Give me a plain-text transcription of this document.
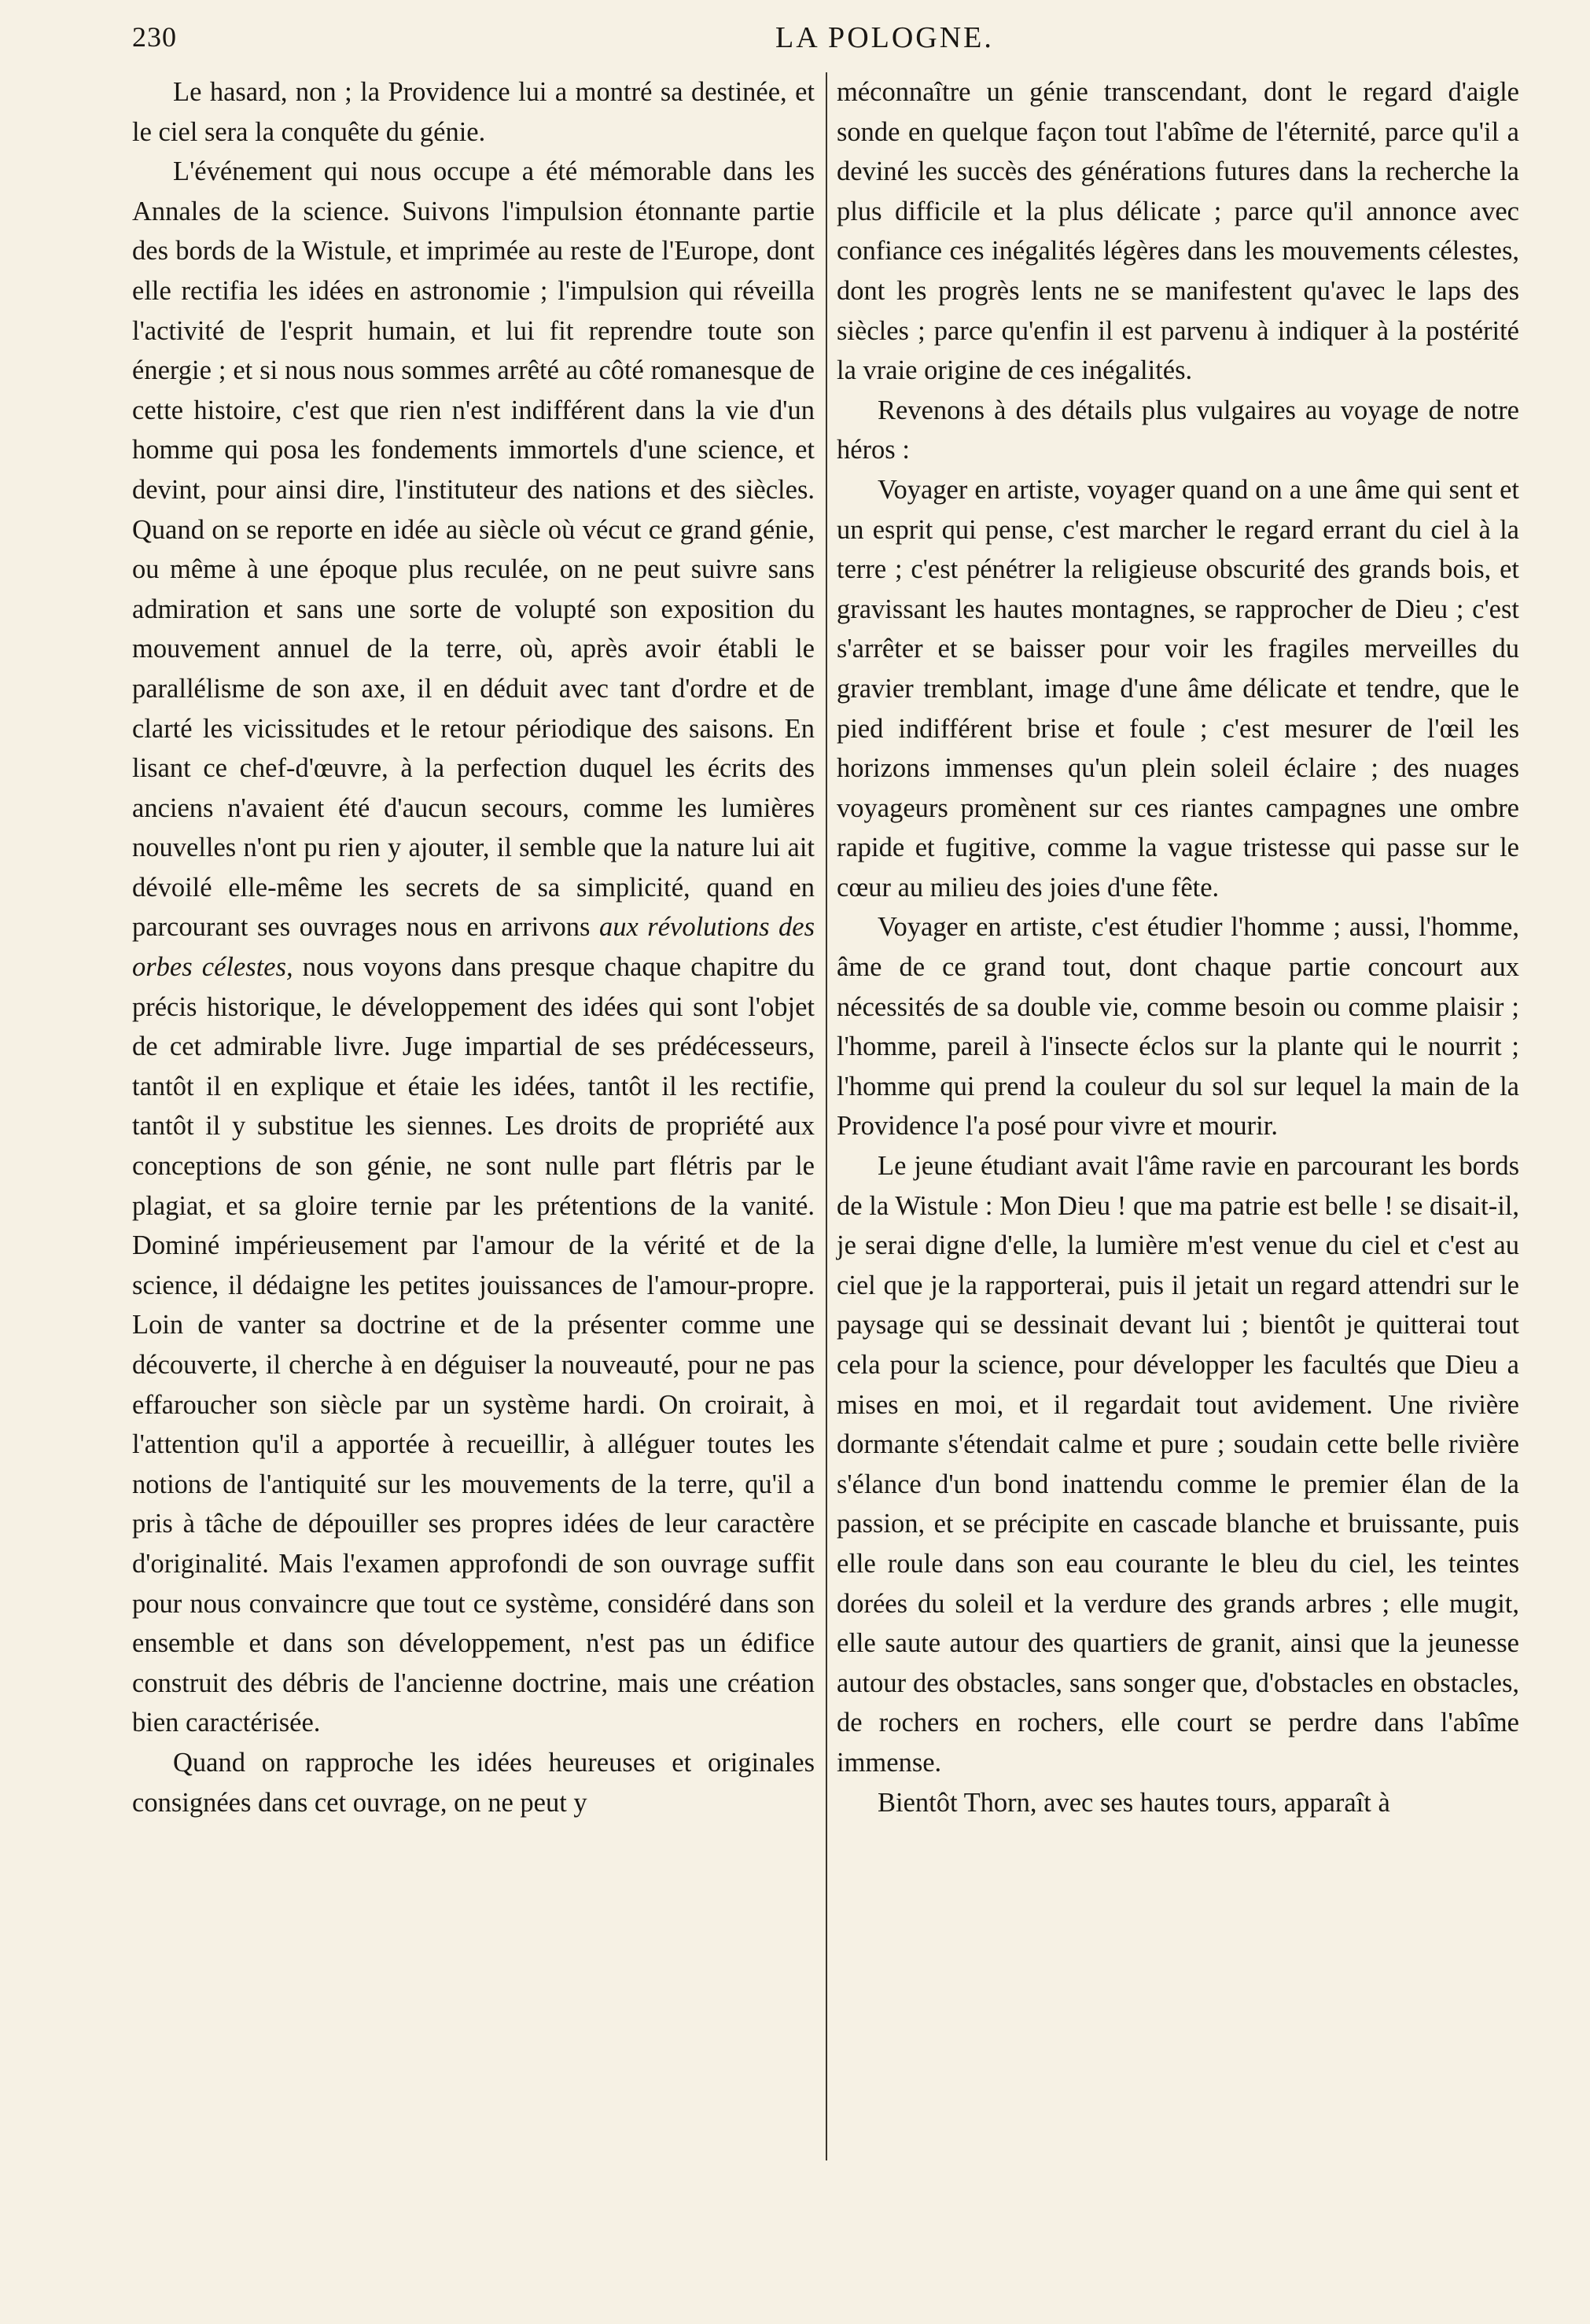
230	LA POLOGNE.

Le hasard, non ; la Providence lui a montré sa destinée, et le ciel sera la conquête du génie.

L'événement qui nous occupe a été mémorable dans les Annales de la science. Suivons l'impulsion étonnante partie des bords de la Wistule, et imprimée au reste de l'Europe, dont elle rectifia les idées en astronomie ; l'impulsion qui réveilla l'activité de l'esprit humain, et lui fit reprendre toute son énergie ; et si nous nous sommes arrêté au côté romanesque de cette histoire, c'est que rien n'est indifférent dans la vie d'un homme qui posa les fondements immortels d'une science, et devint, pour ainsi dire, l'instituteur des nations et des siècles. Quand on se reporte en idée au siècle où vécut ce grand génie, ou même à une époque plus reculée, on ne peut suivre sans admiration et sans une sorte de volupté son exposition du mouvement annuel de la terre, où, après avoir établi le parallélisme de son axe, il en déduit avec tant d'ordre et de clarté les vicissitudes et le retour périodique des saisons. En lisant ce chef-d'œuvre, à la perfection duquel les écrits des anciens n'avaient été d'aucun secours, comme les lumières nouvelles n'ont pu rien y ajouter, il semble que la nature lui ait dévoilé elle-même les secrets de sa simplicité, quand en parcourant ses ouvrages nous en arrivons aux révolutions des orbes célestes, nous voyons dans presque chaque chapitre du précis historique, le développement des idées qui sont l'objet de cet admirable livre. Juge impartial de ses prédécesseurs, tantôt il en explique et étaie les idées, tantôt il les rectifie, tantôt il y substitue les siennes. Les droits de propriété aux conceptions de son génie, ne sont nulle part flétris par le plagiat, et sa gloire ternie par les prétentions de la vanité. Dominé impérieusement par l'amour de la vérité et de la science, il dédaigne les petites jouissances de l'amour-propre. Loin de vanter sa doctrine et de la présenter comme une découverte, il cherche à en déguiser la nouveauté, pour ne pas effaroucher son siècle par un système hardi. On croirait, à l'attention qu'il a apportée à recueillir, à alléguer toutes les notions de l'antiquité sur les mouvements de la terre, qu'il a pris à tâche de dépouiller ses propres idées de leur caractère d'originalité. Mais l'examen approfondi de son ouvrage suffit pour nous convaincre que tout ce système, considéré dans son ensemble et dans son développement, n'est pas un édifice construit des débris de l'ancienne doctrine, mais une création bien caractérisée.

Quand on rapproche les idées heureuses et originales consignées dans cet ouvrage, on ne peut y

méconnaître un génie transcendant, dont le regard d'aigle sonde en quelque façon tout l'abîme de l'éternité, parce qu'il a deviné les succès des générations futures dans la recherche la plus difficile et la plus délicate ; parce qu'il annonce avec confiance ces inégalités légères dans les mouvements célestes, dont les progrès lents ne se manifestent qu'avec le laps des siècles ; parce qu'enfin il est parvenu à indiquer à la postérité la vraie origine de ces inégalités.

Revenons à des détails plus vulgaires au voyage de notre héros :

Voyager en artiste, voyager quand on a une âme qui sent et un esprit qui pense, c'est marcher le regard errant du ciel à la terre ; c'est pénétrer la religieuse obscurité des grands bois, et gravissant les hautes montagnes, se rapprocher de Dieu ; c'est s'arrêter et se baisser pour voir les fragiles merveilles du gravier tremblant, image d'une âme délicate et tendre, que le pied indifférent brise et foule ; c'est mesurer de l'œil les horizons immenses qu'un plein soleil éclaire ; des nuages voyageurs promènent sur ces riantes campagnes une ombre rapide et fugitive, comme la vague tristesse qui passe sur le cœur au milieu des joies d'une fête.

Voyager en artiste, c'est étudier l'homme ; aussi, l'homme, âme de ce grand tout, dont chaque partie concourt aux nécessités de sa double vie, comme besoin ou comme plaisir ; l'homme, pareil à l'insecte éclos sur la plante qui le nourrit ; l'homme qui prend la couleur du sol sur lequel la main de la Providence l'a posé pour vivre et mourir.

Le jeune étudiant avait l'âme ravie en parcourant les bords de la Wistule : Mon Dieu ! que ma patrie est belle ! se disait-il, je serai digne d'elle, la lumière m'est venue du ciel et c'est au ciel que je la rapporterai, puis il jetait un regard attendri sur le paysage qui se dessinait devant lui ; bientôt je quitterai tout cela pour la science, pour développer les facultés que Dieu a mises en moi, et il regardait tout avidement. Une rivière dormante s'étendait calme et pure ; soudain cette belle rivière s'élance d'un bond inattendu comme le premier élan de la passion, et se précipite en cascade blanche et bruissante, puis elle roule dans son eau courante le bleu du ciel, les teintes dorées du soleil et la verdure des grands arbres ; elle mugit, elle saute autour des quartiers de granit, ainsi que la jeunesse autour des obstacles, sans songer que, d'obstacles en obstacles, de rochers en rochers, elle court se perdre dans l'abîme immense.

Bientôt Thorn, avec ses hautes tours, apparaît à
